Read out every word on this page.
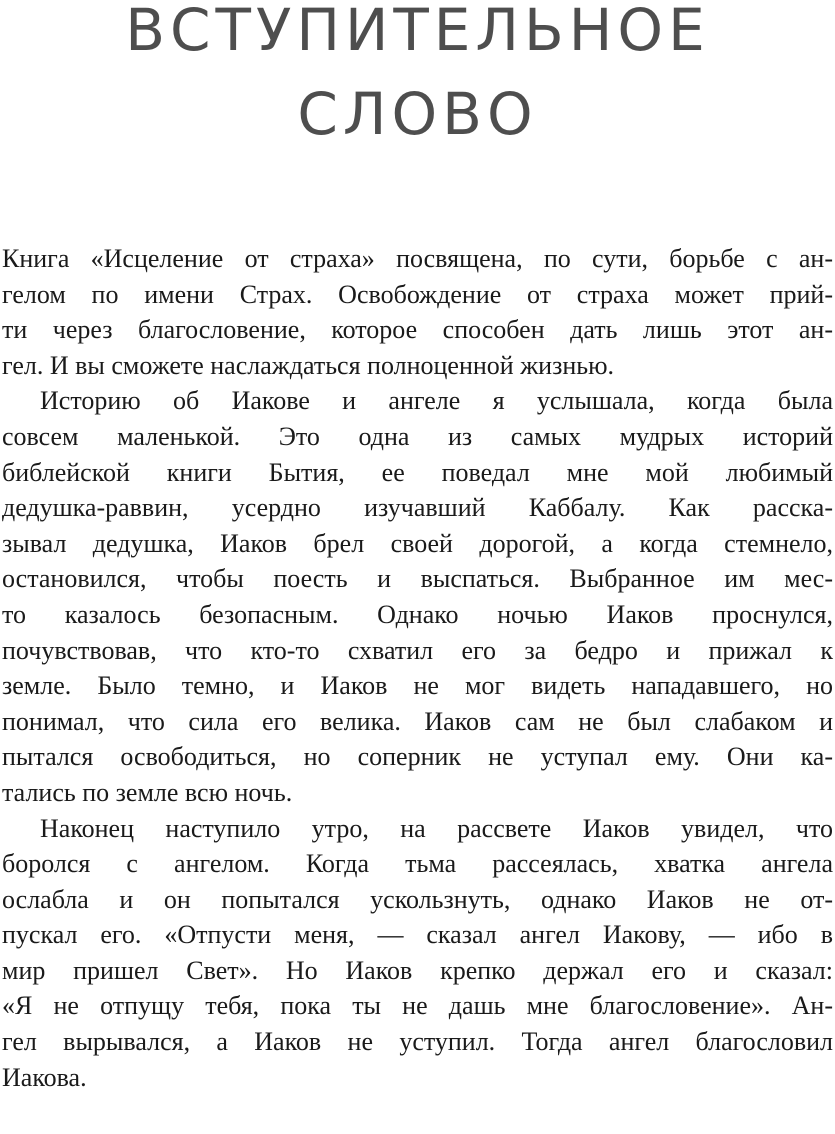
ВСТУПИТЕЛЬНОЕ
СЛОВО

Книга «Исцеление от страха» посвящена, по сути, борьбе с ан-
гелом по имени Страх. Освобождение от страха может прий-
ти через благословение, которое способен дать лишь этот ан-
гел. И вы сможете наслаждаться полноценной жизнью.

Историю об Иакове и ангеле я услышала, когда была
совсем маленькой. Это одна из самых мудрых историй
библейской книги Бытия, ее поведал мне мой любимый
дедушка-раввин, усердно изучавший Каббалу. Как расска-
зывал дедушка, Иаков брел своей дорогой, а когда стемнело,
остановился, чтобы поесть и выспаться. Выбранное им мес-
то казалось безопасным. Однако ночью Иаков проснулся,
почувствовав, что кто-то схватил его за бедро и прижал к
земле. Было темно, и Иаков не мог видеть нападавшего, но
понимал, что сила его велика. Иаков сам не был слабаком и
пытался освободиться, но соперник не уступал ему. Они ка-
тались по земле всю ночь.

Наконец наступило утро, на рассвете Иаков увидел, что
боролся с ангелом. Когда тьма рассеялась, хватка ангела
ослабла и он попытался ускользнуть, однако Иаков не от-
пускал его. «Отпусти меня, — сказал ангел Иакову, — ибо в
мир пришел Свет». Но Иаков крепко держал его и сказал:
«Я не отпущу тебя, пока ты не дашь мне благословение». Ан-
гел вырывался, а Иаков не уступил. Тогда ангел благословил
Иакова.
